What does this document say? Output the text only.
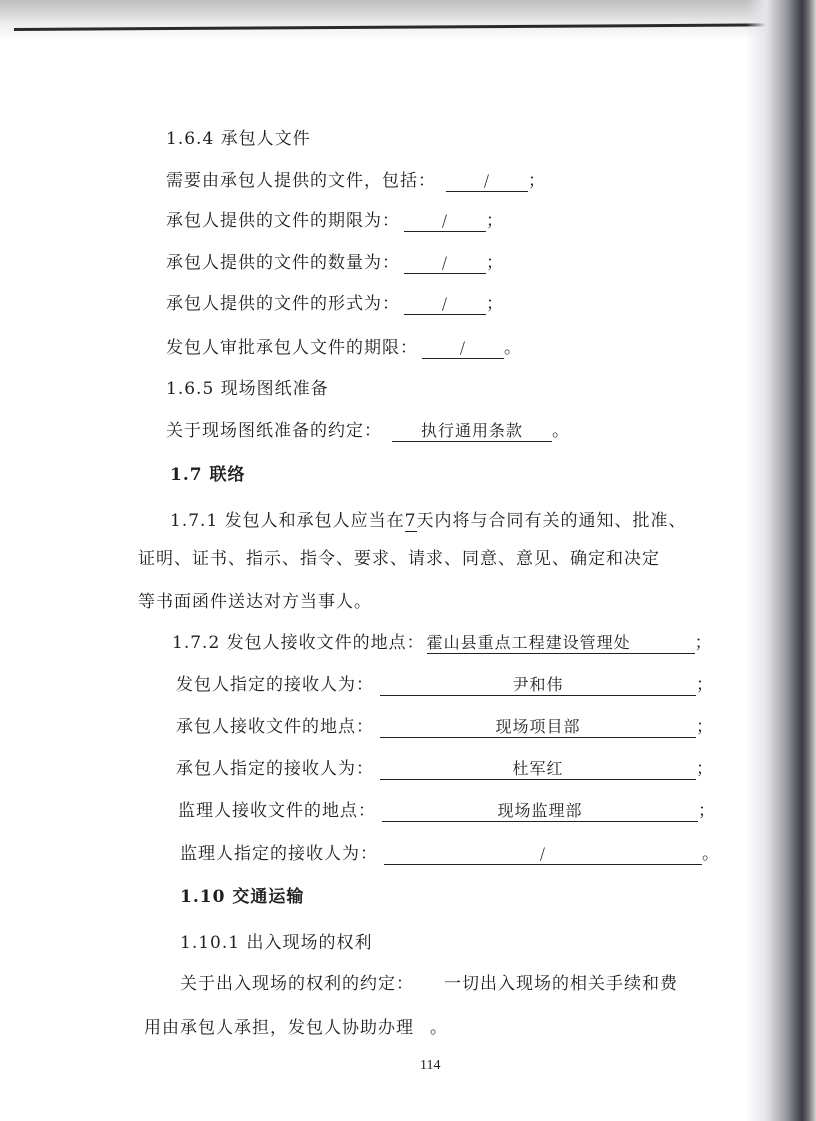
1.6.4 承包人文件
需要由承包人提供的文件，包括：	/ ；
承包人提供的文件的期限为：	/ ；
承包人提供的文件的数量为：	/ ；
承包人提供的文件的形式为：	/ ；
发包人审批承包人文件的期限：	/ 。
1.6.5 现场图纸准备
关于现场图纸准备的约定： 执行通用条款 。
1.7 联络
1.7.1 发包人和承包人应当在7天内将与合同有关的通知、批准、
证明、证书、指示、指令、要求、请求、同意、意见、确定和决定
等书面函件送达对方当事人。
1.7.2 发包人接收文件的地点： 霍山县重点工程建设管理处	；
发包人指定的接收人为：	尹和伟	；
承包人接收文件的地点：	现场项目部	；
承包人指定的接收人为：	杜军红	；
监理人接收文件的地点：	现场监理部	；
监理人指定的接收人为：	/	。
1.10 交通运输
1.10.1 出入现场的权利
关于出入现场的权利的约定： 一切出入现场的相关手续和费
用由承包人承担，发包人协助办理 。
114
